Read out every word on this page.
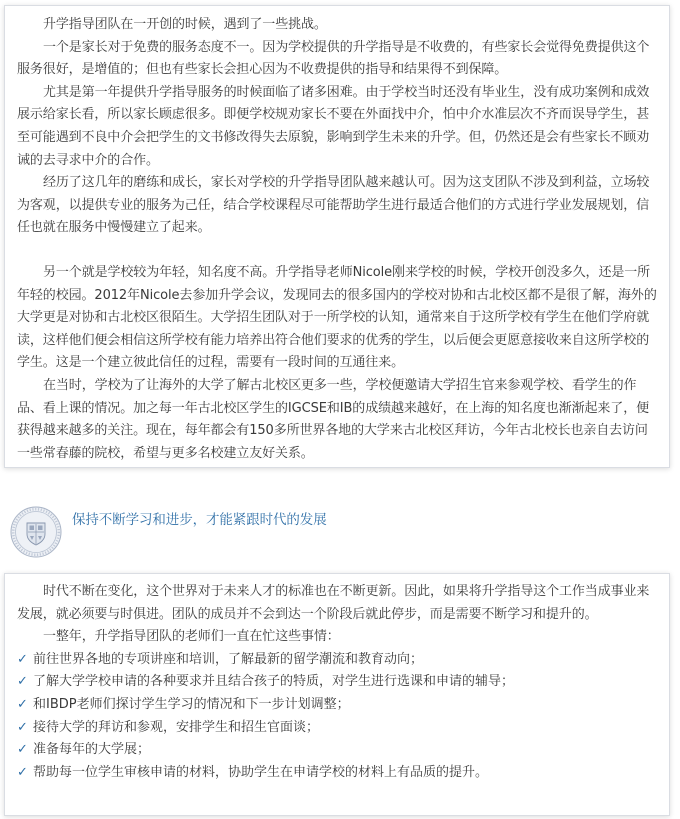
升学指导团队在一开创的时候，遇到了一些挑战。

一个是家长对于免费的服务态度不一。因为学校提供的升学指导是不收费的，有些家长会觉得免费提供这个服务很好，是增值的；但也有些家长会担心因为不收费提供的指导和结果得不到保障。

尤其是第一年提供升学指导服务的时候面临了诸多困难。由于学校当时还没有毕业生，没有成功案例和成效展示给家长看，所以家长顾虑很多。即便学校规劝家长不要在外面找中介，怕中介水准层次不齐而误导学生，甚至可能遇到不良中介会把学生的文书修改得失去原貌，影响到学生未来的升学。但，仍然还是会有些家长不顾劝诫的去寻求中介的合作。

经历了这几年的磨练和成长，家长对学校的升学指导团队越来越认可。因为这支团队不涉及到利益，立场较为客观，以提供专业的服务为己任，结合学校课程尽可能帮助学生进行最适合他们的方式进行学业发展规划，信任也就在服务中慢慢建立了起来。

另一个就是学校较为年轻，知名度不高。升学指导老师Nicole刚来学校的时候，学校开创没多久，还是一所年轻的校园。2012年Nicole去参加升学会议，发现同去的很多国内的学校对协和古北校区都不是很了解，海外的大学更是对协和古北校区很陌生。大学招生团队对于一所学校的认知，通常来自于这所学校有学生在他们学府就读，这样他们便会相信这所学校有能力培养出符合他们要求的优秀的学生，以后便会更愿意接收来自这所学校的学生。这是一个建立彼此信任的过程，需要有一段时间的互通往来。

在当时，学校为了让海外的大学了解古北校区更多一些，学校便邀请大学招生官来参观学校、看学生的作品、看上课的情况。加之每一年古北校区学生的IGCSE和IB的成绩越来越好，在上海的知名度也渐渐起来了，便获得越来越多的关注。现在，每年都会有150多所世界各地的大学来古北校区拜访，今年古北校长也亲自去访问一些常春藤的院校，希望与更多名校建立友好关系。

保持不断学习和进步，才能紧跟时代的发展

时代不断在变化，这个世界对于未来人才的标准也在不断更新。因此，如果将升学指导这个工作当成事业来发展，就必须要与时俱进。团队的成员并不会到达一个阶段后就此停步，而是需要不断学习和提升的。

一整年，升学指导团队的老师们一直在忙这些事情：

✓ 前往世界各地的专项讲座和培训，了解最新的留学潮流和教育动向；
✓ 了解大学学校申请的各种要求并且结合孩子的特质，对学生进行选课和申请的辅导；
✓ 和IBDP老师们探讨学生学习的情况和下一步计划调整；
✓ 接待大学的拜访和参观，安排学生和招生官面谈；
✓ 准备每年的大学展；
✓ 帮助每一位学生审核申请的材料，协助学生在申请学校的材料上有品质的提升。
